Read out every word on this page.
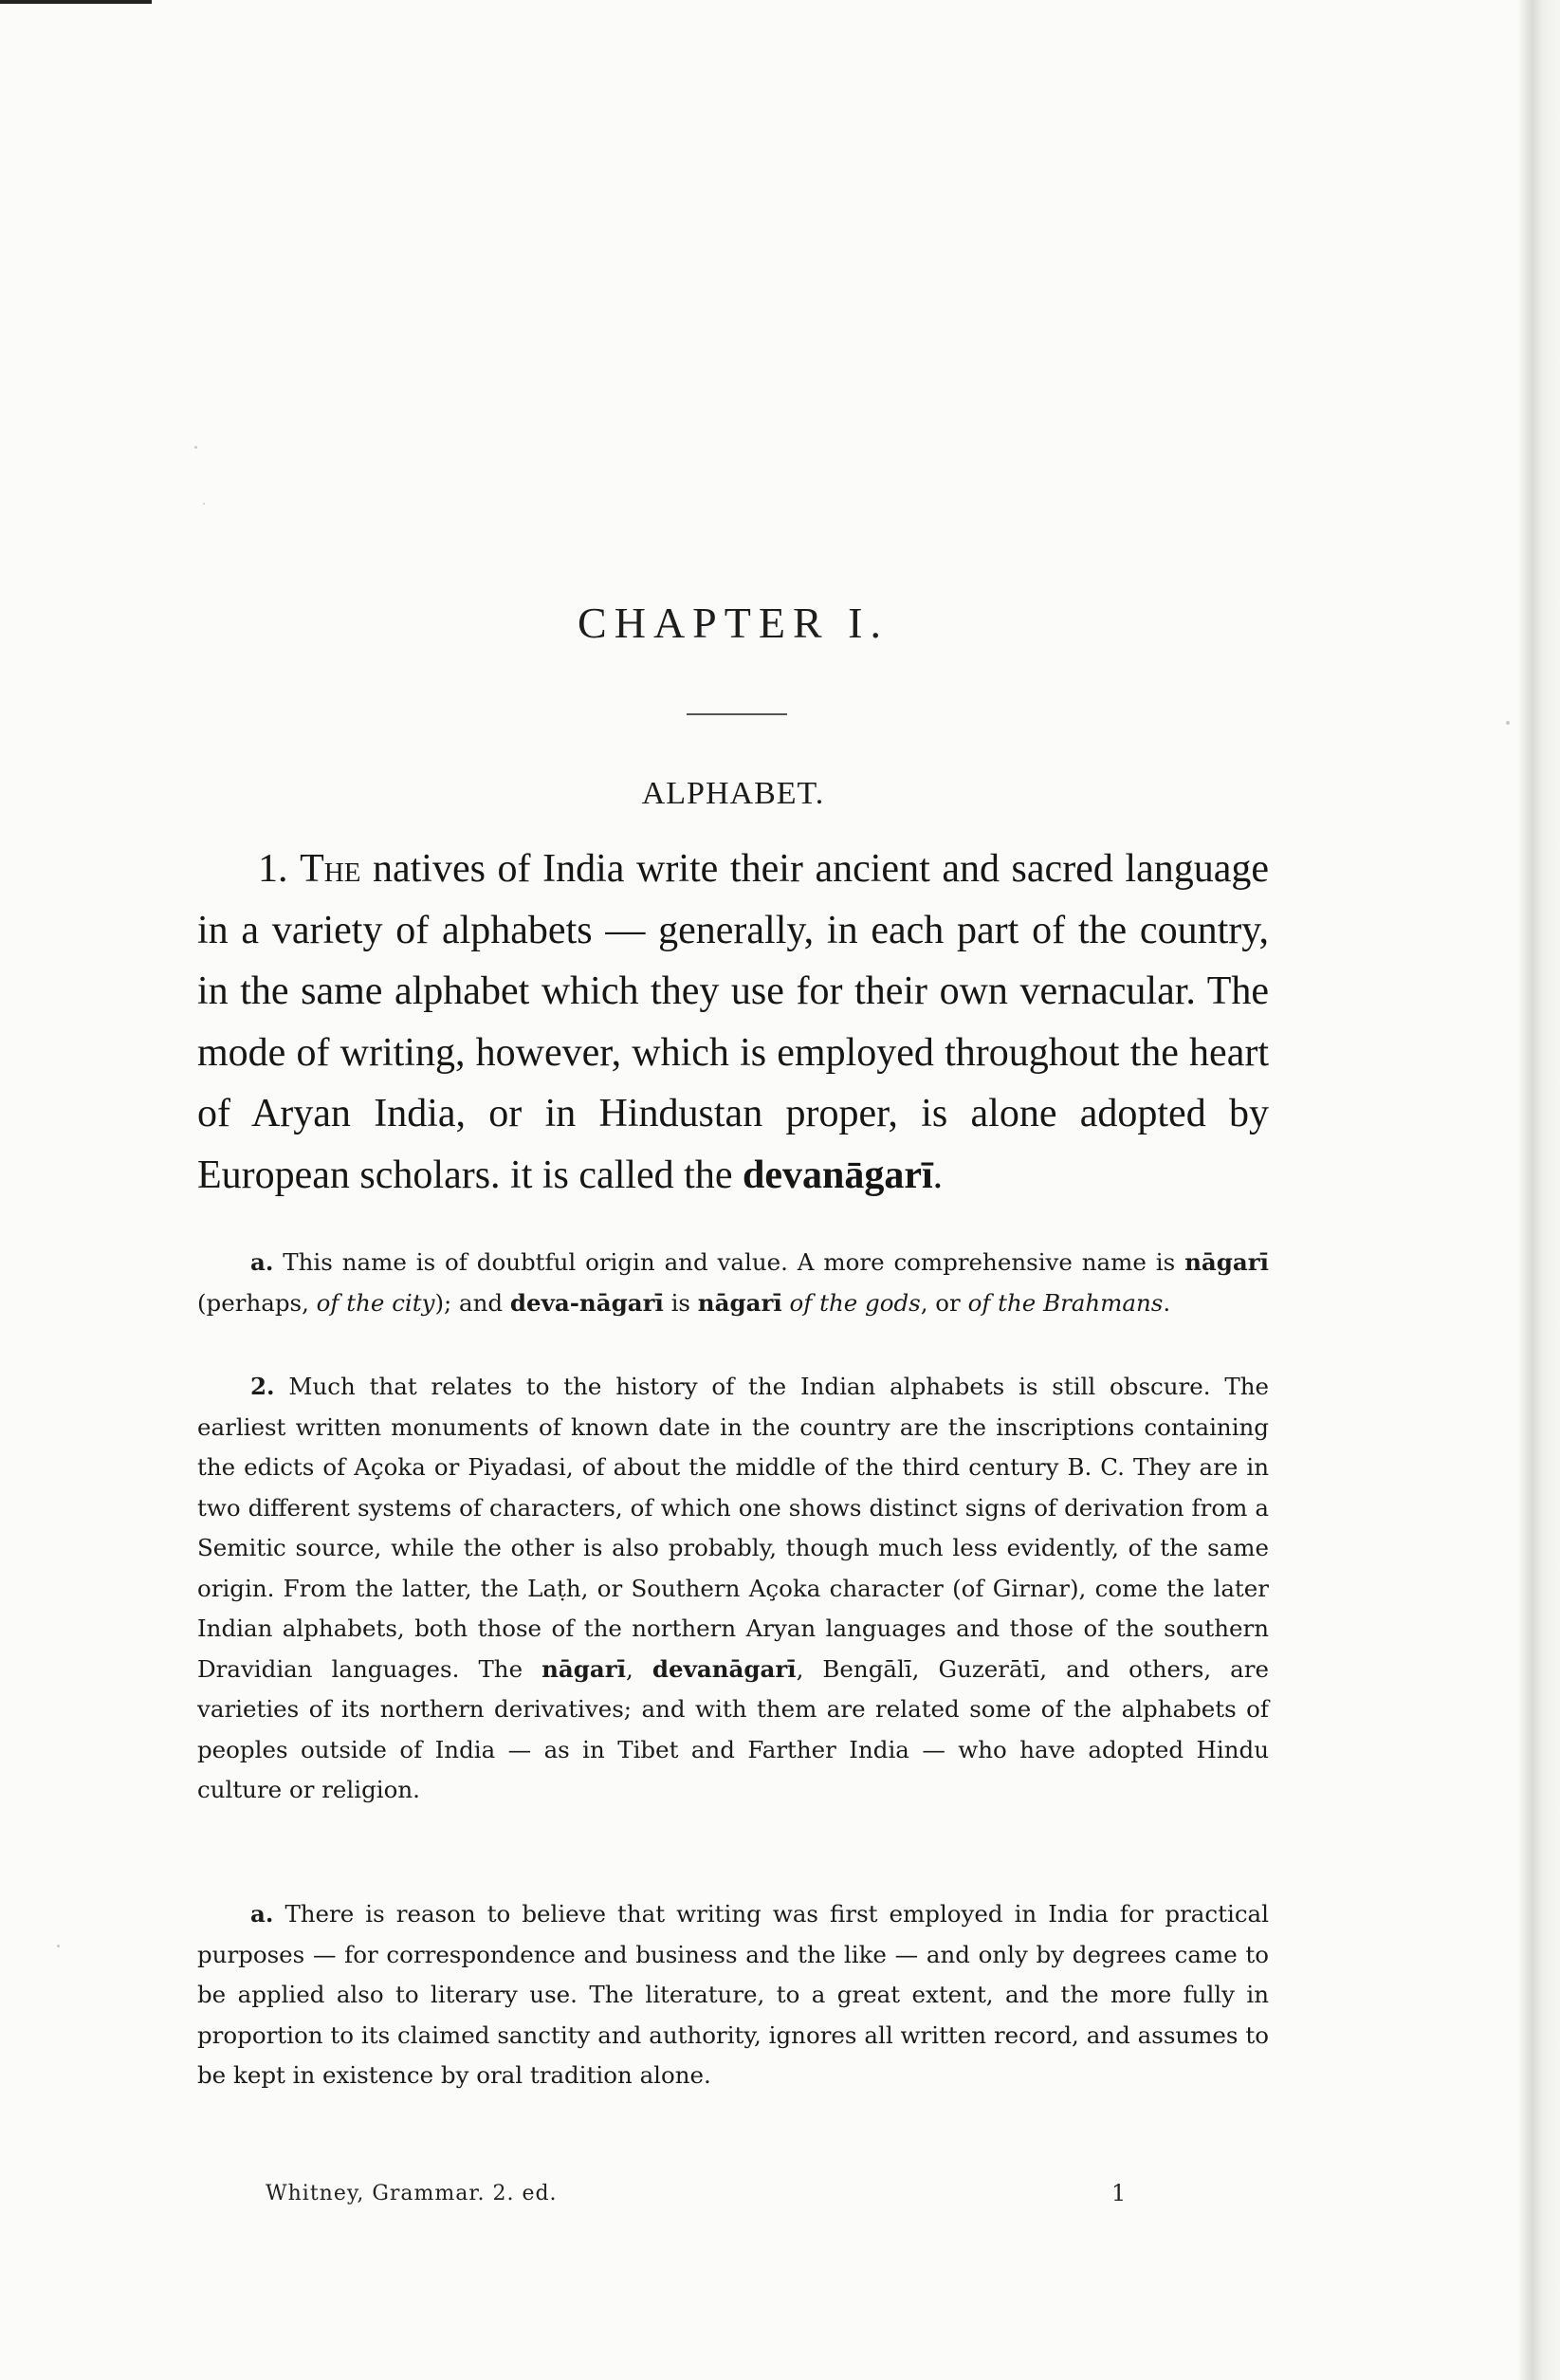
CHAPTER I.
ALPHABET.

1. The natives of India write their ancient and sacred language in a variety of alphabets — generally, in each part of the country, in the same alphabet which they use for their own vernacular. The mode of writing, however, which is employed throughout the heart of Aryan India, or in Hindustan proper, is alone adopted by European scholars. it is called the devanāgarī.

a. This name is of doubtful origin and value. A more comprehensive name is nāgarī (perhaps, of the city); and deva-nāgarī is nāgarī of the gods, or of the Brahmans.

2. Much that relates to the history of the Indian alphabets is still obscure. The earliest written monuments of known date in the country are the inscriptions containing the edicts of Açoka or Piyadasi, of about the middle of the third century B. C. They are in two different systems of characters, of which one shows distinct signs of derivation from a Semitic source, while the other is also probably, though much less evidently, of the same origin. From the latter, the Laṭh, or Southern Açoka character (of Girnar), come the later Indian alphabets, both those of the northern Aryan languages and those of the southern Dravidian languages. The nāgarī, devanāgarī, Bengālī, Guzerātī, and others, are varieties of its northern derivatives; and with them are related some of the alphabets of peoples outside of India — as in Tibet and Farther India — who have adopted Hindu culture or religion.

a. There is reason to believe that writing was first employed in India for practical purposes — for correspondence and business and the like — and only by degrees came to be applied also to literary use. The literature, to a great extent, and the more fully in proportion to its claimed sanctity and authority, ignores all written record, and assumes to be kept in existence by oral tradition alone.

Whitney, Grammar. 2. ed.	1
